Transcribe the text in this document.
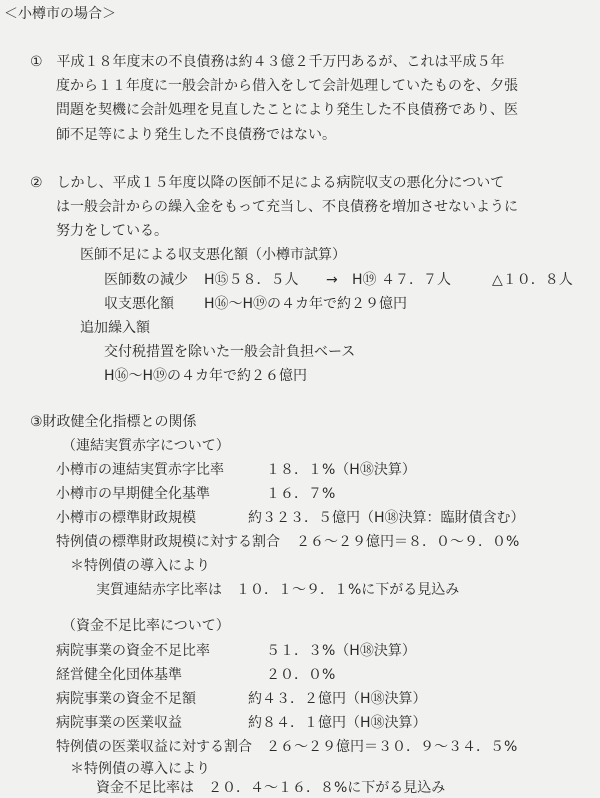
＜小樽市の場合＞
①　平成１８年度末の不良債務は約４３億２千万円あるが、これは平成５年
度から１１年度に一般会計から借入をして会計処理していたものを、夕張
問題を契機に会計処理を見直したことにより発生した不良債務であり、医
師不足等により発生した不良債務ではない。
②　しかし、平成１５年度以降の医師不足による病院収支の悪化分について
は一般会計からの繰入金をもって充当し、不良債務を増加させないように
努力をしている。
医師不足による収支悪化額（小樽市試算）
医師数の減少 H⑮５８．５人 → H⑲ ４７．７人	△１０．８人
収支悪化額 H⑯〜H⑲の４カ年で約２９億円
追加繰入額
交付税措置を除いた一般会計負担ベース
H⑯〜H⑲の４カ年で約２６億円
③財政健全化指標との関係
（連結実質赤字について）
小樽市の連結実質赤字比率	１８．１%（H⑱決算）
小樽市の早期健全化基準	１６．７%
小樽市の標準財政規模	約３２３．５億円（H⑱決算：臨財債含む）
特例債の標準財政規模に対する割合 ２６〜２９億円＝８．０〜９．０%
＊特例債の導入により
実質連結赤字比率は　１０．１〜９．１%に下がる見込み
（資金不足比率について）
病院事業の資金不足比率	５１．３%（H⑱決算）
経営健全化団体基準	２０．０%
病院事業の資金不足額	約４３．２億円（H⑱決算）
病院事業の医業収益	約８４．１億円（H⑱決算）
特例債の医業収益に対する割合 ２６〜２９億円＝３０．９〜３４．５%
＊特例債の導入により
資金不足比率は　２０．４〜１６．８%に下がる見込み
